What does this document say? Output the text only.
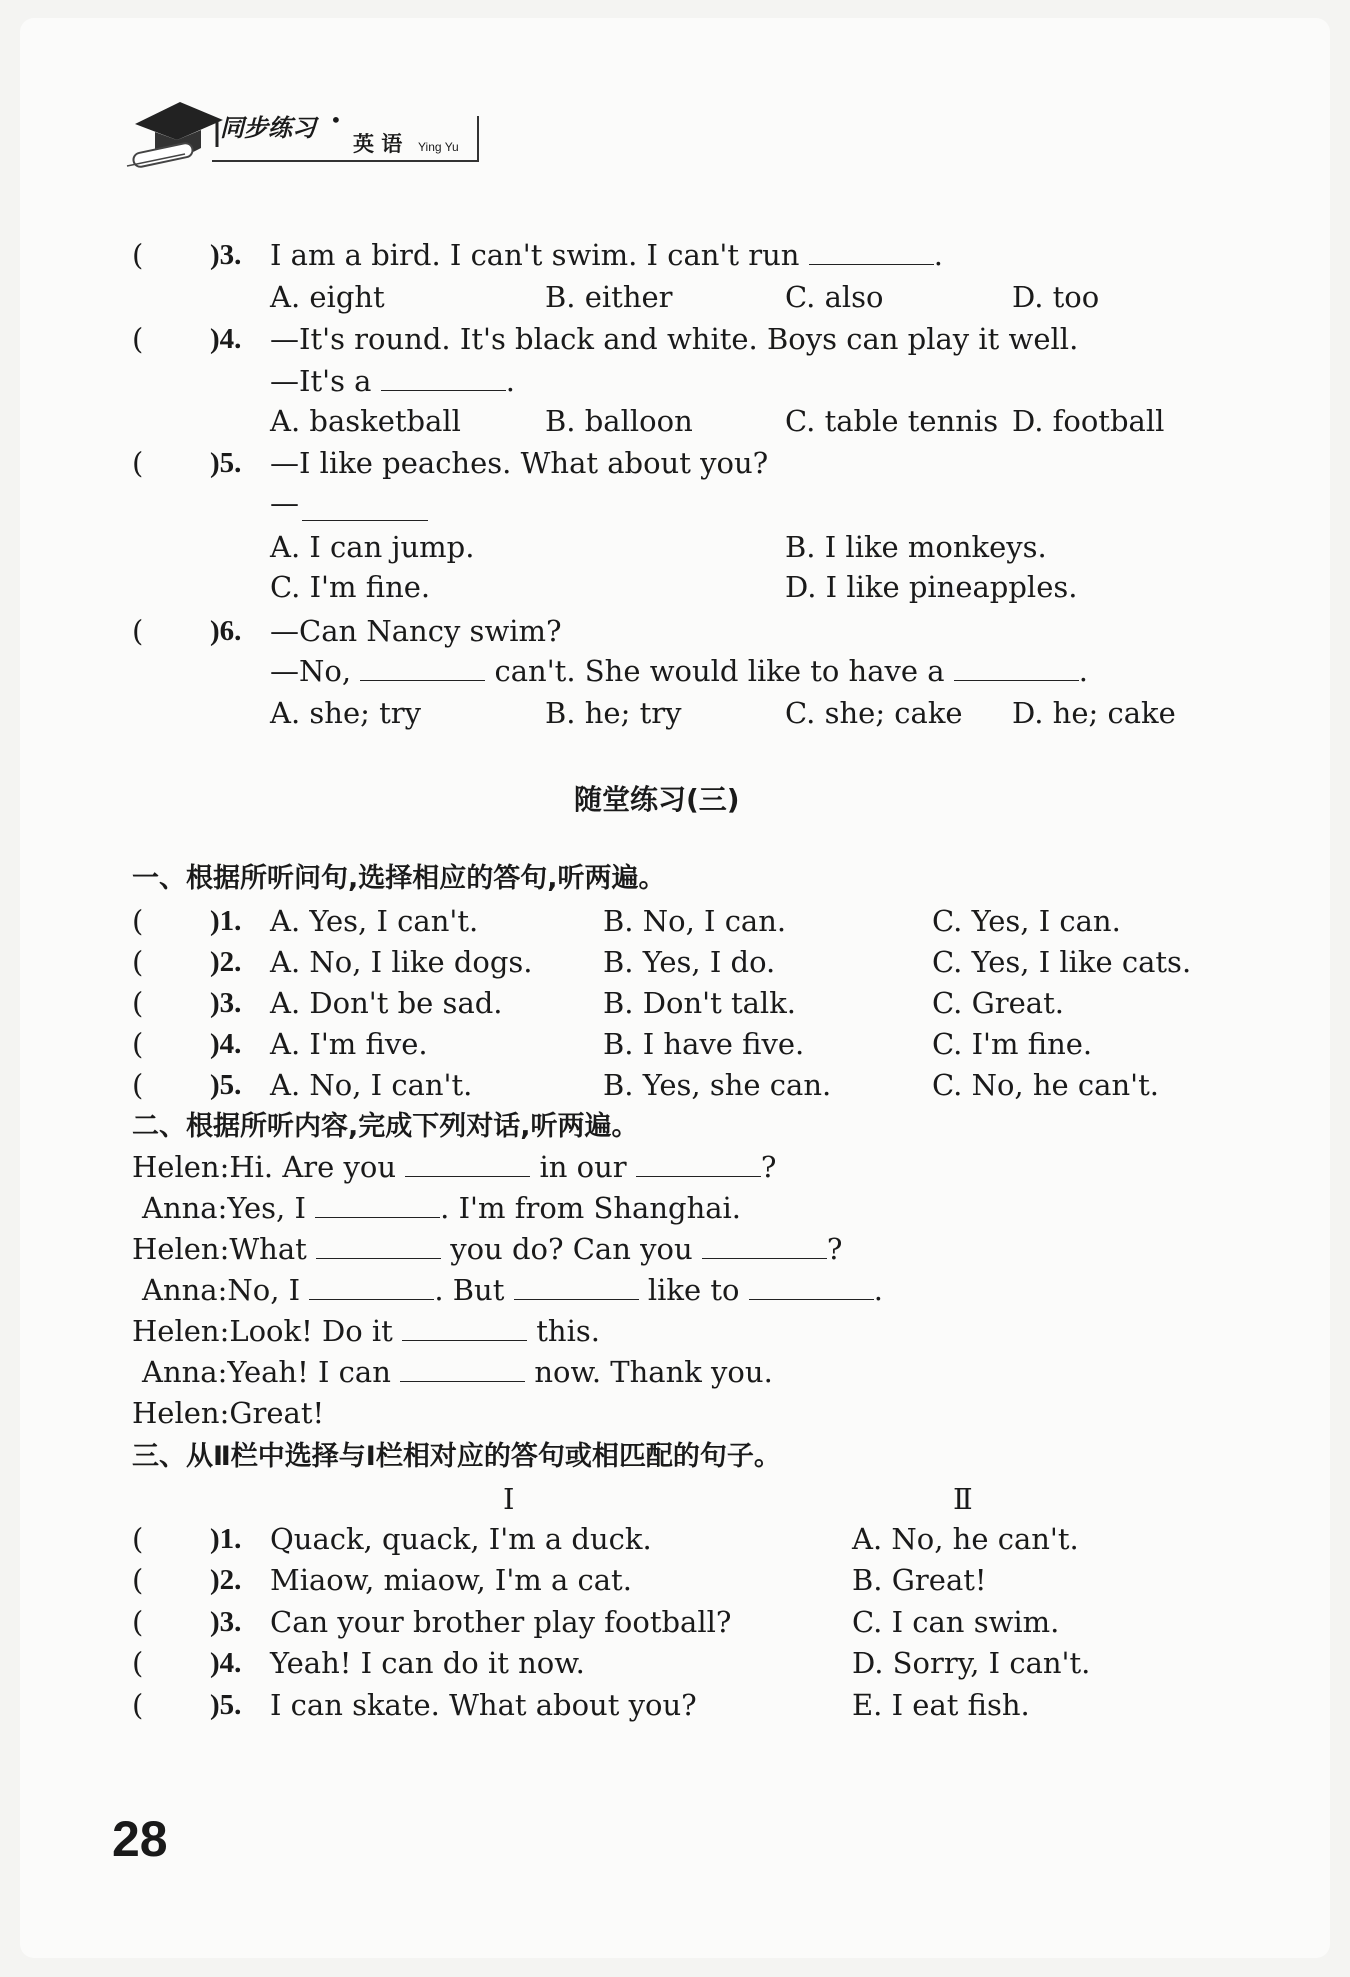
同步练习 •
英 语 Ying Yu
( )3. I am a bird. I can't swim. I can't run	.
A. eight	B. either	C. also	D. too
( )4. —It's round. It's black and white. Boys can play it well.
—It's a	.
A. basketball	B. balloon	C. table tennis D. football
( )5. —I like peaches. What about you?
—
A. I can jump.	B. I like monkeys.
C. I'm fine.	D. I like pineapples.
( )6. —Can Nancy swim?
—No,	can't. She would like to have a	.
A. she; try	B. he; try	C. she; cake D. he; cake
随堂练习(三)
一、根据所听问句,选择相应的答句,听两遍。
( )1. A. Yes, I can't.	B. No, I can.	C. Yes, I can.
( )2. A. No, I like dogs. B. Yes, I do.	C. Yes, I like cats.
( )3. A. Don't be sad.	B. Don't talk.	C. Great.
( )4. A. I'm five.	B. I have five.	C. I'm fine.
( )5. A. No, I can't.	B. Yes, she can.	C. No, he can't.
二、根据所听内容,完成下列对话,听两遍。
Helen:Hi. Are you	in our	?
Anna:Yes, I	. I'm from Shanghai.
Helen:What	you do? Can you	?
Anna:No, I	. But	like to	.
Helen:Look! Do it	this.
Anna:Yeah! I can	now. Thank you.
Helen:Great!
三、从Ⅱ栏中选择与Ⅰ栏相对应的答句或相匹配的句子。
Ⅰ	Ⅱ
( )1. Quack, quack, I'm a duck.	A. No, he can't.
( )2. Miaow, miaow, I'm a cat.	B. Great!
( )3. Can your brother play football?	C. I can swim.
( )4. Yeah! I can do it now.	D. Sorry, I can't.
( )5. I can skate. What about you?	E. I eat fish.
28
